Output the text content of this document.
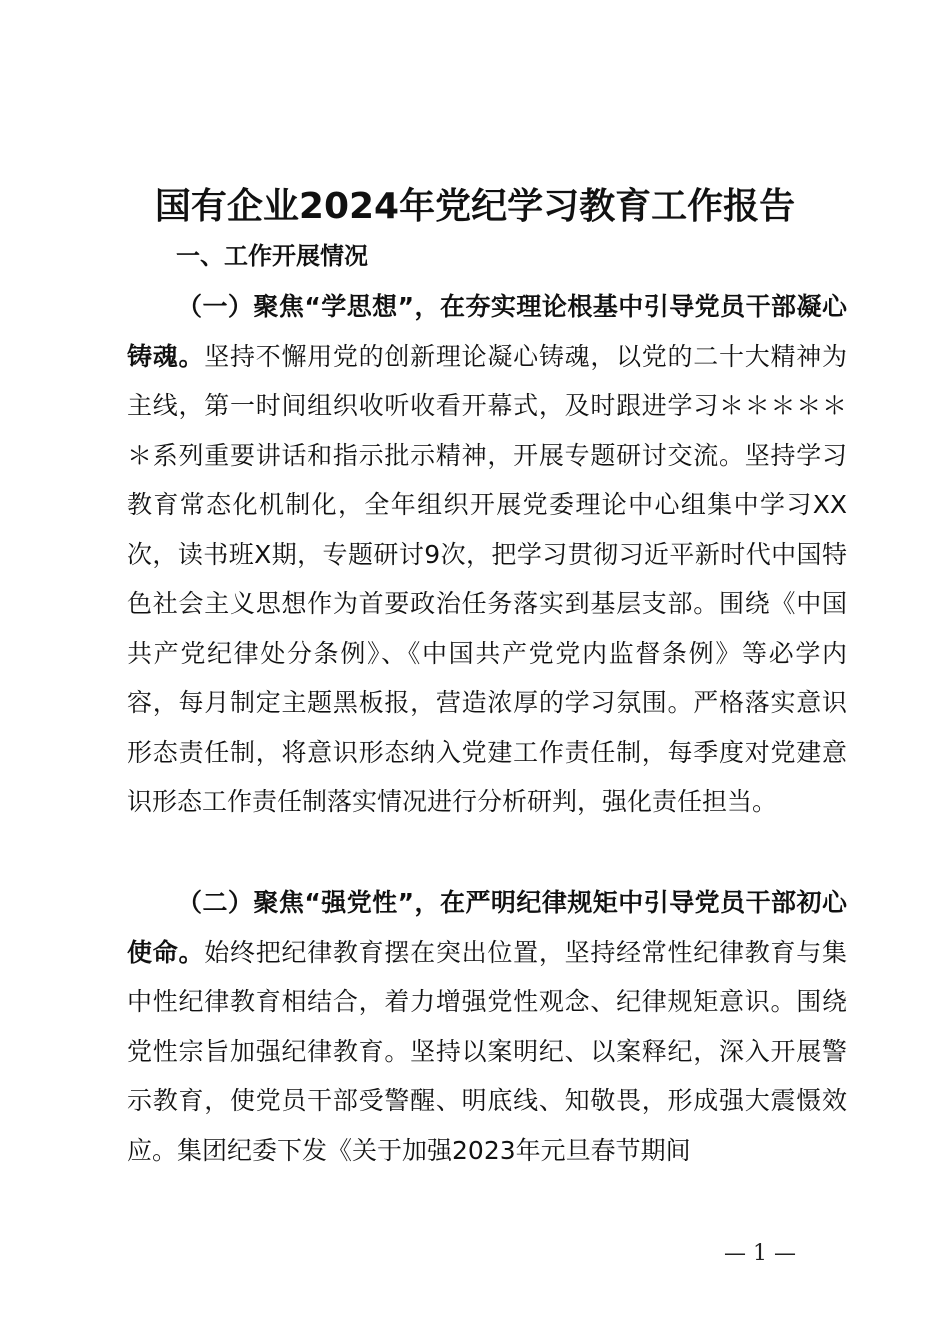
国有企业2024年党纪学习教育工作报告
一、工作开展情况

（一）聚焦“学思想”，在夯实理论根基中引导党员干部凝心铸魂。坚持不懈用党的创新理论凝心铸魂，以党的二十大精神为主线，第一时间组织收听收看开幕式，及时跟进学习＊＊＊＊＊＊系列重要讲话和指示批示精神，开展专题研讨交流。坚持学习教育常态化机制化，全年组织开展党委理论中心组集中学习XX次，读书班X期，专题研讨9次，把学习贯彻习近平新时代中国特色社会主义思想作为首要政治任务落实到基层支部。围绕《中国共产党纪律处分条例》、《中国共产党党内监督条例》等必学内容，每月制定主题黑板报，营造浓厚的学习氛围。严格落实意识形态责任制，将意识形态纳入党建工作责任制，每季度对党建意识形态工作责任制落实情况进行分析研判，强化责任担当。

（二）聚焦“强党性”，在严明纪律规矩中引导党员干部初心使命。始终把纪律教育摆在突出位置，坚持经常性纪律教育与集中性纪律教育相结合，着力增强党性观念、纪律规矩意识。围绕党性宗旨加强纪律教育。坚持以案明纪、以案释纪，深入开展警示教育，使党员干部受警醒、明底线、知敬畏，形成强大震慑效应。集团纪委下发《关于加强2023年元旦春节期间

— 1 —
